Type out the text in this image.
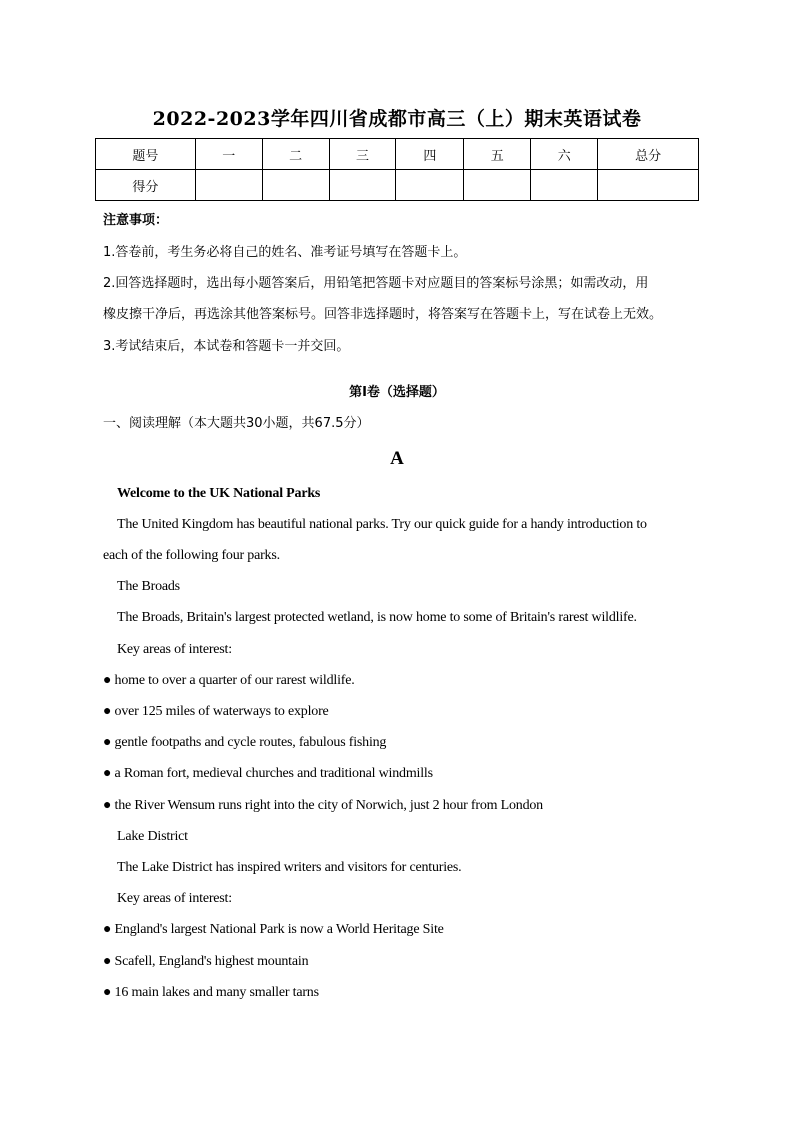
2022-2023学年四川省成都市高三（上）期末英语试卷
题号	一	二	三	四	五	六	总分
得分							
注意事项：
1.答卷前，考生务必将自己的姓名、准考证号填写在答题卡上。
2.回答选择题时，选出每小题答案后，用铅笔把答题卡对应题目的答案标号涂黑；如需改动，用
橡皮擦干净后，再选涂其他答案标号。回答非选择题时，将答案写在答题卡上，写在试卷上无效。
3.考试结束后，本试卷和答题卡一并交回。
第I卷（选择题）
一、阅读理解（本大题共30小题，共67.5分）
A
Welcome to the UK National Parks
The United Kingdom has beautiful national parks. Try our quick guide for a handy introduction to
each of the following four parks.
The Broads
The Broads, Britain's largest protected wetland, is now home to some of Britain's rarest wildlife.
Key areas of interest:
● home to over a quarter of our rarest wildlife.
● over 125 miles of waterways to explore
● gentle footpaths and cycle routes, fabulous fishing
● a Roman fort, medieval churches and traditional windmills
● the River Wensum runs right into the city of Norwich, just 2 hour from London
Lake District
The Lake District has inspired writers and visitors for centuries.
Key areas of interest:
● England's largest National Park is now a World Heritage Site
● Scafell, England's highest mountain
● 16 main lakes and many smaller tarns
